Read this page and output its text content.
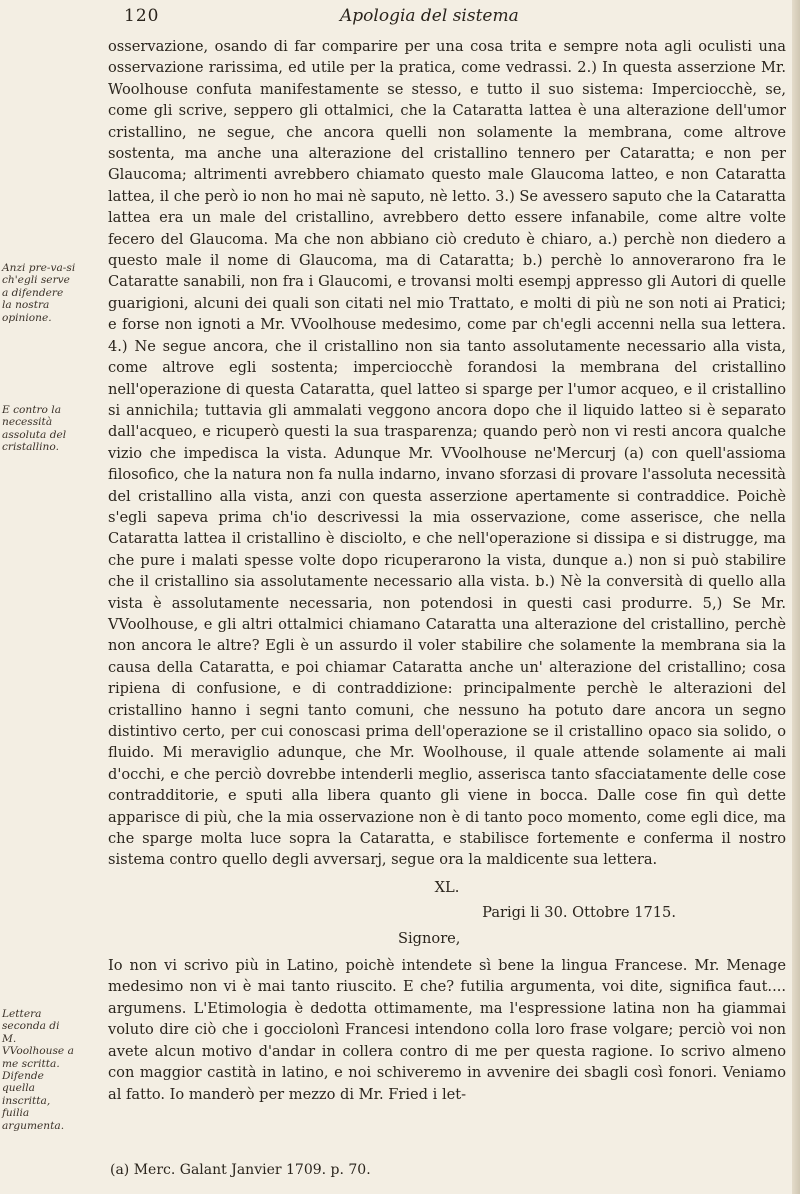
120	Apologia del sistema
Anzi pre-va-si ch'egli serve a difendere la nostra opinione.
E contro la necessità assoluta del cristallino.
Lettera seconda di M. VVoolhouse a me scritta. Difende quella inscritta, fuilia argumenta.

osservazione, osando di far comparire per una cosa trita e sempre nota agli oculisti una osservazione rarissima, ed utile per la pratica, come vedrassi. 2.) In questa asserzione Mr. Woolhouse confuta manifestamente se stesso, e tutto il suo sistema: Imperciocchè, se, come gli scrive, seppero gli ottalmici, che la Cataratta lattea è una alterazione dell'umor cristallino, ne segue, che ancora quelli non solamente la membrana, come altrove sostenta, ma anche una alterazione del cristallino tennero per Cataratta; e non per Glaucoma; altrimenti avrebbero chiamato questo male Glaucoma latteo, e non Cataratta lattea, il che però io non ho mai nè saputo, nè letto. 3.) Se avessero saputo che la Cataratta lattea era un male del cristallino, avrebbero detto essere infanabile, come altre volte fecero del Glaucoma. Ma che non abbiano ciò creduto è chiaro, a.) perchè non diedero a questo male il nome di Glaucoma, ma di Cataratta; b.) perchè lo annoverarono fra le Cataratte sanabili, non fra i Glaucomi, e trovansi molti esempj appresso gli Autori di quelle guarigioni, alcuni dei quali son citati nel mio Trattato, e molti di più ne son noti ai Pratici; e forse non ignoti a Mr. VVoolhouse medesimo, come par ch'egli accenni nella sua lettera. 4.) Ne segue ancora, che il cristallino non sia tanto assolutamente necessario alla vista, come altrove egli sostenta; imperciocchè forandosi la membrana del cristallino nell'operazione di questa Cataratta, quel latteo si sparge per l'umor acqueo, e il cristallino si annichila; tuttavia gli ammalati veggono ancora dopo che il liquido latteo si è separato dall'acqueo, e ricuperò questi la sua trasparenza; quando però non vi resti ancora qualche vizio che impedisca la vista. Adunque Mr. VVoolhouse ne'Mercurj (a) con quell'assioma filosofico, che la natura non fa nulla indarno, invano sforzasi di provare l'assoluta necessità del cristallino alla vista, anzi con questa asserzione apertamente si contraddice. Poichè s'egli sapeva prima ch'io descrivessi la mia osservazione, come asserisce, che nella Cataratta lattea il cristallino è disciolto, e che nell'operazione si dissipa e si distrugge, ma che pure i malati spesse volte dopo ricuperarono la vista, dunque a.) non si può stabilire che il cristallino sia assolutamente necessario alla vista. b.) Nè la conversità di quello alla vista è assolutamente necessaria, non potendosi in questi casi produrre. 5,) Se Mr. VVoolhouse, e gli altri ottalmici chiamano Cataratta una alterazione del cristallino, perchè non ancora le altre? Egli è un assurdo il voler stabilire che solamente la membrana sia la causa della Cataratta, e poi chiamar Cataratta anche un' alterazione del cristallino; cosa ripiena di confusione, e di contraddizione: principalmente perchè le alterazioni del cristallino hanno i segni tanto comuni, che nessuno ha potuto dare ancora un segno distintivo certo, per cui conoscasi prima dell'operazione se il cristallino opaco sia solido, o fluido. Mi meraviglio adunque, che Mr. Woolhouse, il quale attende solamente ai mali d'occhi, e che perciò dovrebbe intenderli meglio, asserisca tanto sfacciatamente delle cose contradditorie, e sputi alla libera quanto gli viene in bocca. Dalle cose fin quì dette apparisce di più, che la mia osservazione non è di tanto poco momento, come egli dice, ma che sparge molta luce sopra la Cataratta, e stabilisce fortemente e conferma il nostro sistema contro quello degli avversarj, segue ora la maldicente sua lettera.

XL.
Parigi li 30. Ottobre 1715.
Signore,

Io non vi scrivo più in Latino, poichè intendete sì bene la lingua Francese. Mr. Menage medesimo non vi è mai tanto riuscito. E che? futilia argumenta, voi dite, significa faut.... argumens. L'Etimologia è dedotta ottimamente, ma l'espressione latina non ha giammai voluto dire ciò che i gocciolonì Francesi intendono colla loro frase volgare; perciò voi non avete alcun motivo d'andar in collera contro di me per questa ragione. Io scrivo almeno con maggior castità in latino, e noi schiveremo in avvenire dei sbagli così fonori. Veniamo al fatto. Io manderò per mezzo di Mr. Fried i let-

(a) Merc. Galant Janvier 1709. p. 70.
